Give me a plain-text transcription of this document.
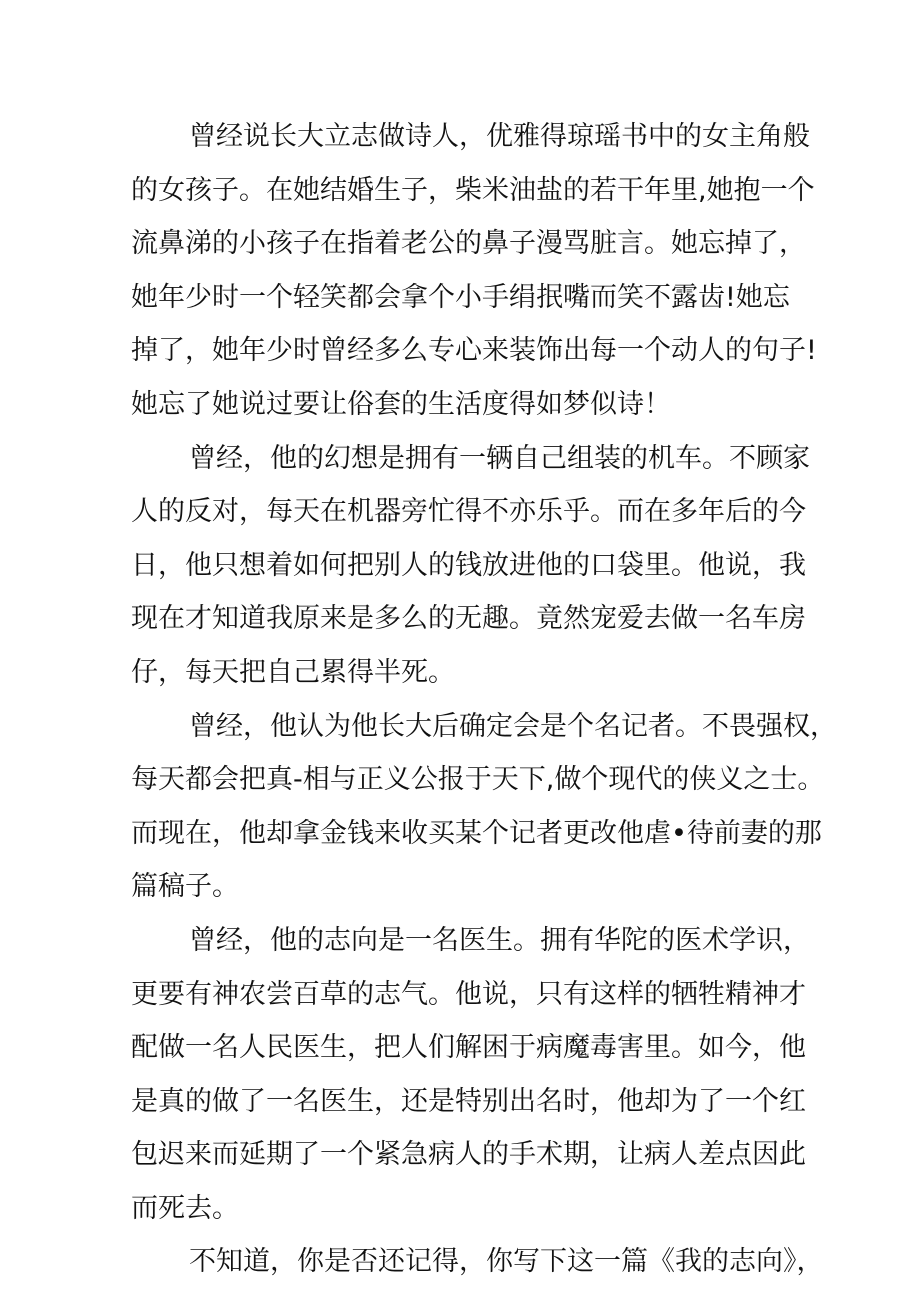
曾经说长大立志做诗人，优雅得琼瑶书中的女主角般
的女孩子。在她结婚生子，柴米油盐的若干年里,她抱一个
流鼻涕的小孩子在指着老公的鼻子漫骂脏言。她忘掉了，
她年少时一个轻笑都会拿个小手绢抿嘴而笑不露齿!她忘
掉了，她年少时曾经多么专心来装饰出每一个动人的句子!
她忘了她说过要让俗套的生活度得如梦似诗！

曾经，他的幻想是拥有一辆自己组装的机车。不顾家
人的反对，每天在机器旁忙得不亦乐乎。而在多年后的今
日，他只想着如何把别人的钱放进他的口袋里。他说，我
现在才知道我原来是多么的无趣。竟然宠爱去做一名车房
仔，每天把自己累得半死。

曾经，他认为他长大后确定会是个名记者。不畏强权，
每天都会把真-相与正义公报于天下,做个现代的侠义之士。
而现在，他却拿金钱来收买某个记者更改他虐•待前妻的那
篇稿子。

曾经，他的志向是一名医生。拥有华陀的医术学识，
更要有神农尝百草的志气。他说，只有这样的牺牲精神才
配做一名人民医生，把人们解困于病魔毒害里。如今，他
是真的做了一名医生，还是特别出名时，他却为了一个红
包迟来而延期了一个紧急病人的手术期，让病人差点因此
而死去。

不知道，你是否还记得，你写下这一篇《我的志向》，
